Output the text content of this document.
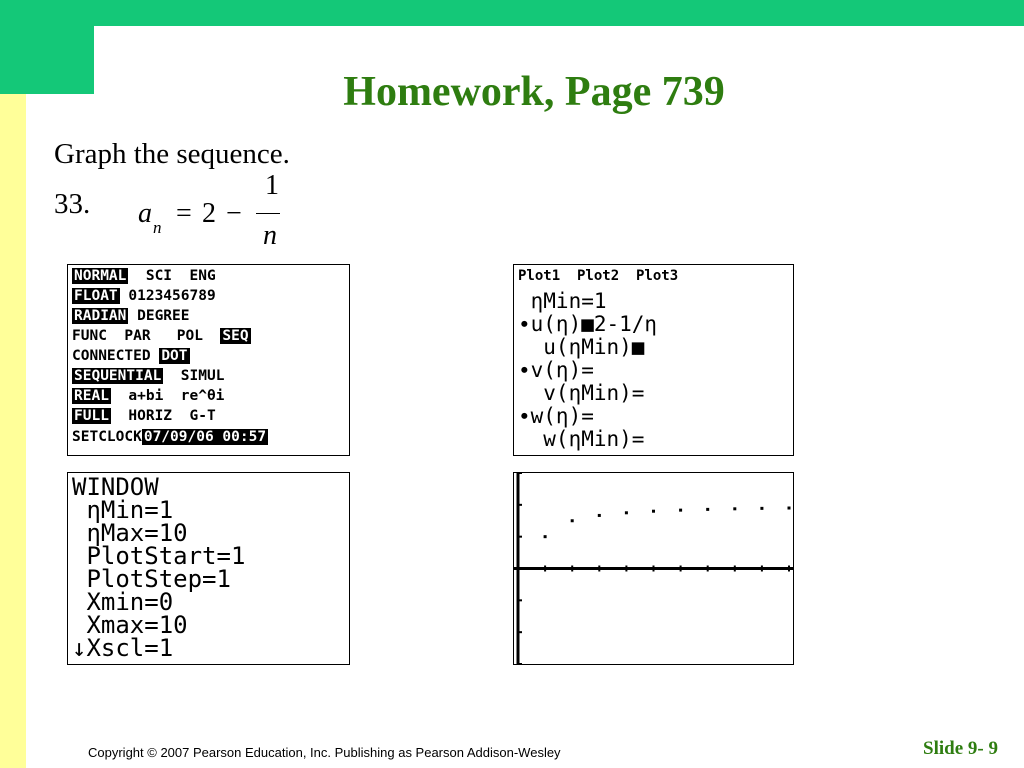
Homework, Page 739
Graph the sequence.
33. a n = 2 −
1
n
NORMAL  SCI  ENG
FLOAT 0123456789
RADIAN DEGREE
FUNC  PAR   POL  SEQ
CONNECTED DOT
SEQUENTIAL  SIMUL
REAL  a+bi  re^θi
FULL  HORIZ  G-T
SETCLOCK 07/09/06 00:57
Plot1  Plot2  Plot3
ηMin=1
∙u(η)■2-1/η
u(ηMin)■
∙v(η)=
v(ηMin)=
∙w(η)=
w(ηMin)=
WINDOW
ηMin=1
ηMax=10
PlotStart=1
PlotStep=1
Xmin=0
Xmax=10
↓Xscl=1
Copyright © 2007 Pearson Education, Inc. Publishing as Pearson Addison-Wesley	Slide 9- 9
